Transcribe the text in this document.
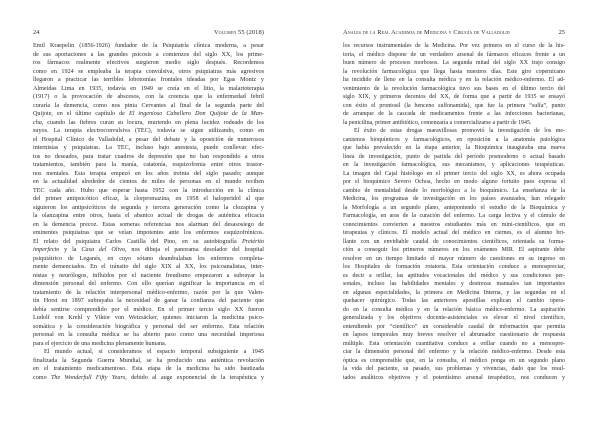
24	Volumen 55 (2018)
Emil Kraepelin (1856-1926) fundador de la Psiquiatría clínica moderna, a pesar
de sus aportaciones a las grandes psicosis a comienzos del siglo XX, los prime-
ros fármacos realmente efectivos surgieron medio siglo después. Recordemos
como en 1924 se empleaba la terapia convulsiva, otros psiquiatras más agresivos
llegaron a practicar las terribles lobotomías frontales ideadas por Egas Moniz y
Almeidas Lima en 1935, todavía en 1949 se creía en el litio, la malarioterapia
(1917) o la provocación de abscesos, con la creencia que la enfermedad febril
curaría la demencia, como nos pinta Cervantes al final de la segunda parte del
Quijote, en el último capítulo de El ingenioso Caballero Don Quijote de la Man-
cha, cuando las fiebres curan su locura, muriendo en plena lucidez rodeado de los
suyos. La terapia electroconvulsiva (TEC), todavía se sigue utilizando, como en
el Hospital Clínico de Valladolid, a pesar del debate y la oposición de numerosos
internistas y psiquiatras. La TEC, incluso bajo anestesia, puede conllevar efec-
tos no deseados, para tratar cuadros de depresión que no han respondido a otros
tratamientos, también para la manía, catatonía, esquizofrenia entre otros trastor-
nos mentales. Esta terapia empezó en los años treinta del siglo pasado; aunque
en la actualidad alrededor de cientos de miles de personas en el mundo reciben
TEC cada año. Hubo que esperar hasta 1952 con la introducción en la clínica
del primer antipsicótico eficaz, la clorpromazina, en 1958 el haloperidol al que
siguieron los antipsicóticos de segunda y tercera generación como la clozapina y
la olanzapina entre otros, hasta el abanico actual de drogas de auténtica eficacia
en la demencia precoz. Estas someras referencias nos alarman del desasosiego de
eminentes psiquiatras que se veían impotentes ante los enfermos esquizofrénicos.
El relato del psiquiatra Carlos Castilla del Pino, en su autobiografía Pretérito
imperfecto y la Casa del Olivo, nos dibuja el panorama desolador del hospital
psiquiátrico de Leganés, en cuyo sótano deambulaban los enfermos completa-
mente demenciados. En el tránsito del siglo XIX al XX, los psicoanalistas, inter-
nistas y neurólogos, influidos por el naciente freudismo empezaron a subrayar la
dimensión personal del enfermo. Con ello querían significar la importancia en el
tratamiento de la relación interpersonal médico-enfermo, razón por la que Valen-
tín Horst en 1897 subrayaba la necesidad de ganar la confianza del paciente que
debía sentirse comprendido por el médico. En el primer tercio siglo XX fueron
Ludolf von Krehl y Viktor von Weizsäcker, quienes iniciaron la medicina psico-
somática y la consideración biográfica y personal del ser enfermo. Esta relación
personal en la consulta médica se ha abierto paso como una necesidad imperiosa
para el ejercicio de una medicina plenamente humana.
El mundo actual, si consideramos el espacio temporal subsiguiente a 1945
finalizada la Segunda Guerra Mundial, se ha producido una auténtica revolución
en el tratamiento medicamentoso. Esta etapa de la medicina ha sido bautizada
como The Wonderfull Fifty Years, debido al auge exponencial de la terapéutica y
Anales de la Real Academia de Medicina y Cirugía de Valladolid	25
los recursos instrumentales de la Medicina. Por vez primera en el curso de la his-
toria, el médico dispone de un verdadero arsenal de fármacos eficaces frente a un
buen número de procesos morbosos. La segunda mitad del siglo XX trajo consigo
la revolución farmacológica que llega hasta nuestros días. Este giro copernicano
ha incidido de lleno en la consulta médica y en la relación médico-enfermo. El ad-
venimiento de la revolución farmacológica tuvo sus bases en el último tercio del
siglo XIX, y primeros decenios del XX, de forma que a partir de 1935 se ensayó
con éxito el prontosil (la benceno sulfonamida), que fue la primera “sulfa”, punto
de arranque de la cascada de medicamentos frente a las infecciones bacterianas,
la penicilina, primer antibiótico, comenzaría a comercializarse a partir de 1945.
El éxito de estas drogas maravillosas promovió la investigación de los me-
canismos bioquímicos y farmacológicos, en oposición a la anatomía patológica
que había prevalecido en la etapa anterior, la Bioquímica inauguraba una nueva
línea de investigación, punto de partida del período posmoderno o actual basado
en la investigación farmacológica, sus mecanismos, y aplicaciones terapéuticas.
La imagen del Cajal histólogo en el primer tercio del siglo XX, es ahora ocupada
por el bioquímico Severo Ochoa, hecho en modo alguno fortuito pues expresa el
cambio de mentalidad desde lo morfológico a lo bioquímico. La enseñanza de la
Medicina, los programas de investigación en los países avanzados, han relegado
la Morfología a un segundo plano, anteponiendo el estudio de la Bioquímica y
Farmacología, en aras de la curación del enfermo. La carga lectiva y el cúmulo de
conocimientos convierten a nuestros estudiantes más en mini-científicos, que en
terapeutas y clínicos. El modelo actual del médico en ciernes, es el alumno bri-
llante con un envidiable caudal de conocimientos científicos, orientada su forma-
ción a conseguir los primeros números en los exámenes MIR. El aspirante debe
resolver en un tiempo limitado el mayor número de cuestiones en su ingreso en
los Hospitales de formación rotatoria. Esta orientación conduce a menospreciar,
es decir a orillar, las aptitudes vocacionales del médico y sus condiciones per-
sonales, incluso las habilidades mentales y destrezas manuales tan importantes
en algunas especialidades, la primera en Medicina Interna, y las segundas en el
quehacer quirúrgico. Todas las anteriores apostillas explican el cambio opera-
do en la consulta médica y en la relación básica médico-enfermo. La aspiración
generalizada y los objetivos docente-asistenciales es elevar el nivel científico,
entendiendo por “científico” un considerable caudal de información que permita
en lapsos temporales muy breves resolver el abrumador cuestionario de respuesta
múltiple. Esta orientación cuantitativa conduce a orillar cuando no a menospre-
ciar la dimensión personal del enfermo y la relación médico-enfermo. Desde esta
óptica es comprensible que, en la consulta, el médico ponga en un segundo plano
la vida del paciente, su pasado, sus problemas y vivencias, dado que los resul-
tados analíticos objetivos y el potentísimo arsenal terapéutico, nos conducen y
